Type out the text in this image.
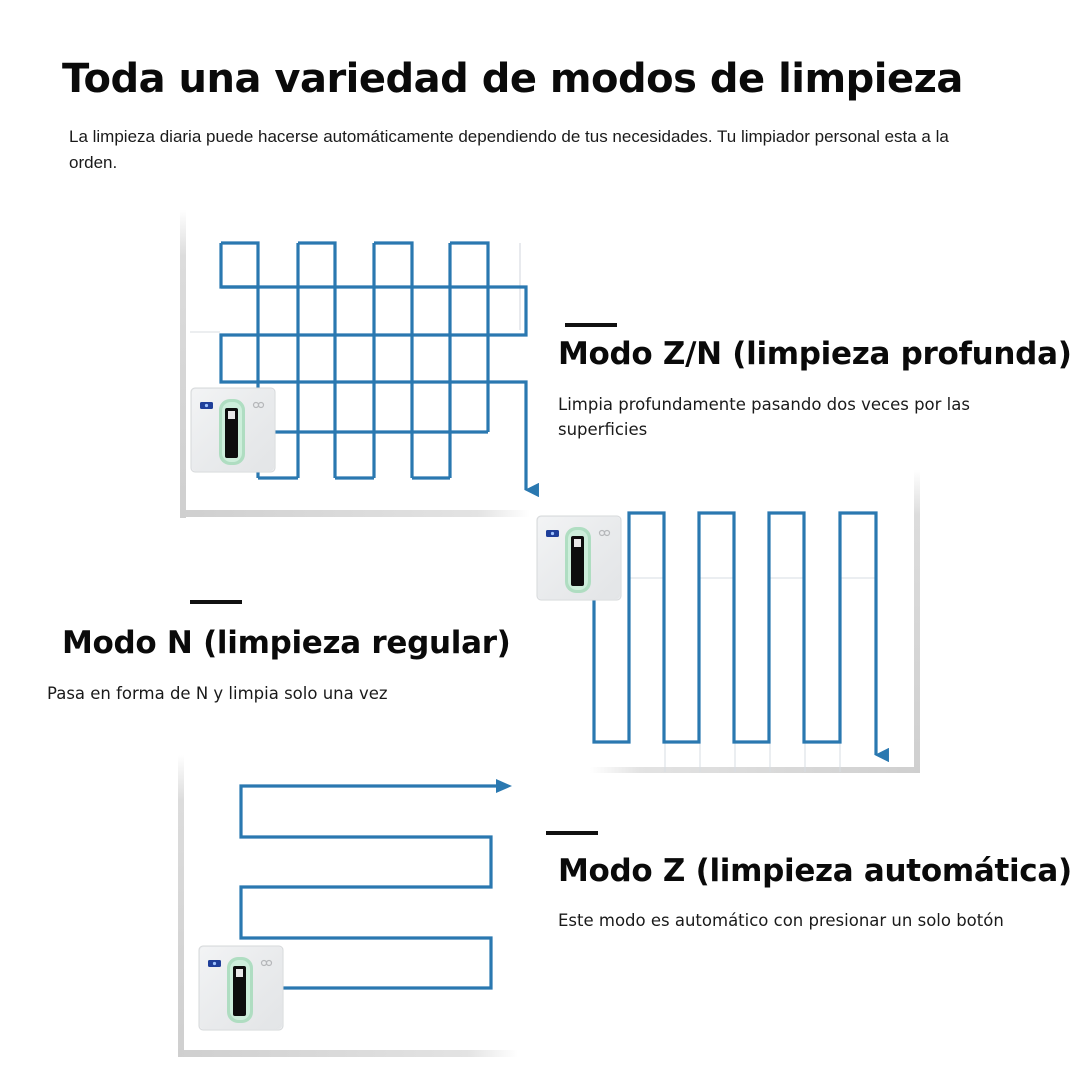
Toda una variedad de modos de limpieza

La limpieza diaria puede hacerse automáticamente dependiendo de tus necesidades. Tu limpiador personal esta a la orden.

Modo Z/N (limpieza profunda)

Limpia profundamente pasando dos veces por las superficies

Modo N (limpieza regular)

Pasa en forma de N y limpia solo una vez

Modo Z (limpieza automática)

Este modo es automático con presionar un solo botón
